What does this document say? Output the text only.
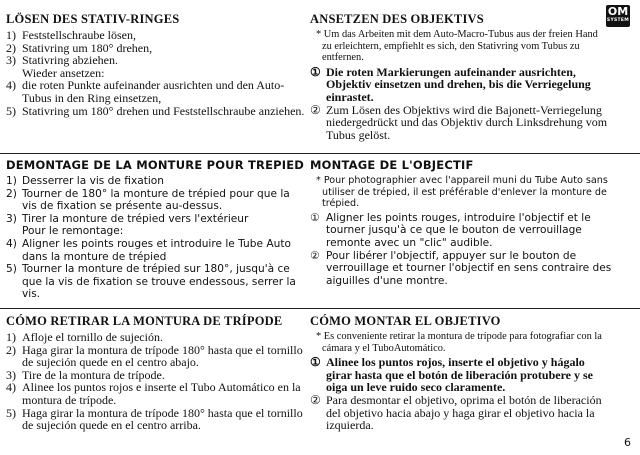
OM
SYSTEM
LÖSEN DES STATIV-RINGES
1) Feststellschraube lösen,
2) Stativring um 180° drehen,
3) Stativring abziehen.
Wieder ansetzen:
4) die roten Punkte aufeinander ausrichten und den Auto-Tubus in den Ring einsetzen,
5) Stativring um 180° drehen und Feststellschraube anziehen.
ANSETZEN DES OBJEKTIVS
* Um das Arbeiten mit dem Auto-Macro-Tubus aus der freien Hand zu erleichtern, empfiehlt es sich, den Stativring vom Tubus zu entfernen.
① Die roten Markierungen aufeinander ausrichten, Objektiv einsetzen und drehen, bis die Verriegelung einrastet.
② Zum Lösen des Objektivs wird die Bajonett-Verriegelung niedergedrückt und das Objektiv durch Linksdrehung vom Tubus gelöst.
DEMONTAGE DE LA MONTURE POUR TREPIED
1) Desserrer la vis de fixation
2) Tourner de 180° la monture de trépied pour que la vis de fixation se présente au-dessus.
3) Tirer la monture de trépied vers l'extérieur
Pour le remontage:
4) Aligner les points rouges et introduire le Tube Auto dans la monture de trépied
5) Tourner la monture de trépied sur 180°, jusqu'à ce que la vis de fixation se trouve endessous, serrer la vis.
MONTAGE DE L'OBJECTIF
* Pour photographier avec l'appareil muni du Tube Auto sans utiliser de trépied, il est préférable d'enlever la monture de trépied.
① Aligner les points rouges, introduire l'objectif et le tourner jusqu'à ce que le bouton de verrouillage remonte avec un "clic" audible.
② Pour libérer l'objectif, appuyer sur le bouton de verrouillage et tourner l'objectif en sens contraire des aiguilles d'une montre.
CÓMO RETIRAR LA MONTURA DE TRÍPODE
1) Afloje el tornillo de sujeción.
2) Haga girar la montura de trípode 180° hasta que el tornillo de sujeción quede en el centro abajo.
3) Tire de la montura de trípode.
4) Alinee los puntos rojos e inserte el Tubo Automático en la montura de trípode.
5) Haga girar la montura de trípode 180° hasta que el tornillo de sujeción quede en el centro arriba.
CÓMO MONTAR EL OBJETIVO
* Es conveniente retirar la montura de trípode para fotografiar con la cámara y el TuboAutomático.
① Alinee los puntos rojos, inserte el objetivo y hágalo girar hasta que el botón de liberación protubere y se oiga un leve ruido seco claramente.
② Para desmontar el objetivo, oprima el botón de liberación del objetivo hacia abajo y haga girar el objetivo hacia la izquierda.
6
